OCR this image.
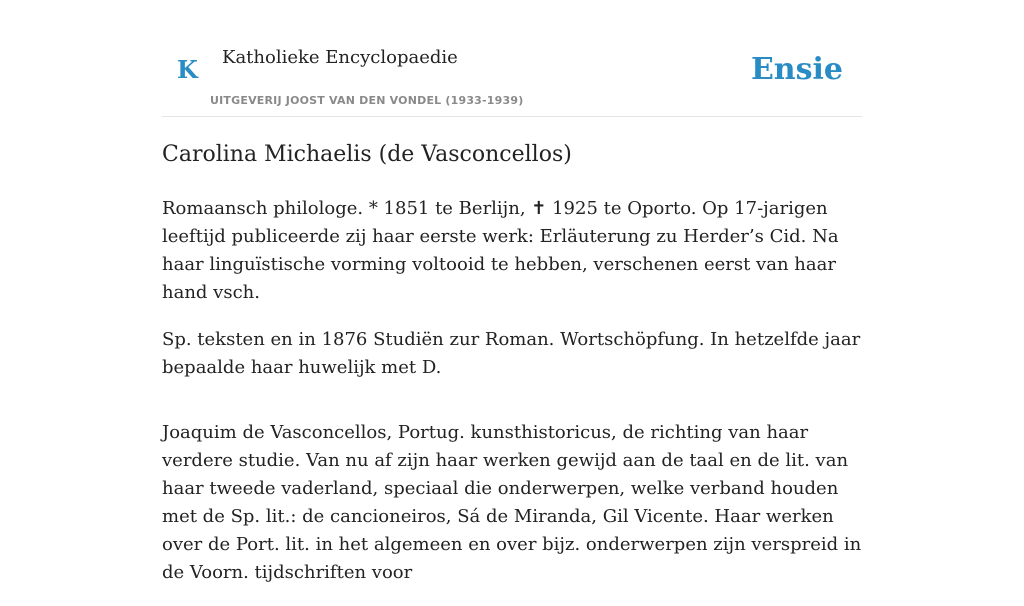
K Katholieke Encyclopaedie
UITGEVERIJ JOOST VAN DEN VONDEL (1933-1939)
Ensie
Carolina Michaelis (de Vasconcellos)

Romaansch philologe. * 1851 te Berlijn, ✝ 1925 te Oporto. Op 17-jarigen leeftijd publiceerde zij haar eerste werk: Erläuterung zu Herder’s Cid. Na haar linguïstische vorming voltooid te hebben, verschenen eerst van haar hand vsch.

Sp. teksten en in 1876 Studiën zur Roman. Wortschöpfung. In hetzelfde jaar bepaalde haar huwelijk met D.

Joaquim de Vasconcellos, Portug. kunsthistoricus, de richting van haar verdere studie. Van nu af zijn haar werken gewijd aan de taal en de lit. van haar tweede vaderland, speciaal die onderwerpen, welke verband houden met de Sp. lit.: de cancioneiros, Sá de Miranda, Gil Vicente. Haar werken over de Port. lit. in het algemeen en over bijz. onderwerpen zijn verspreid in de Voorn. tijdschriften voor
